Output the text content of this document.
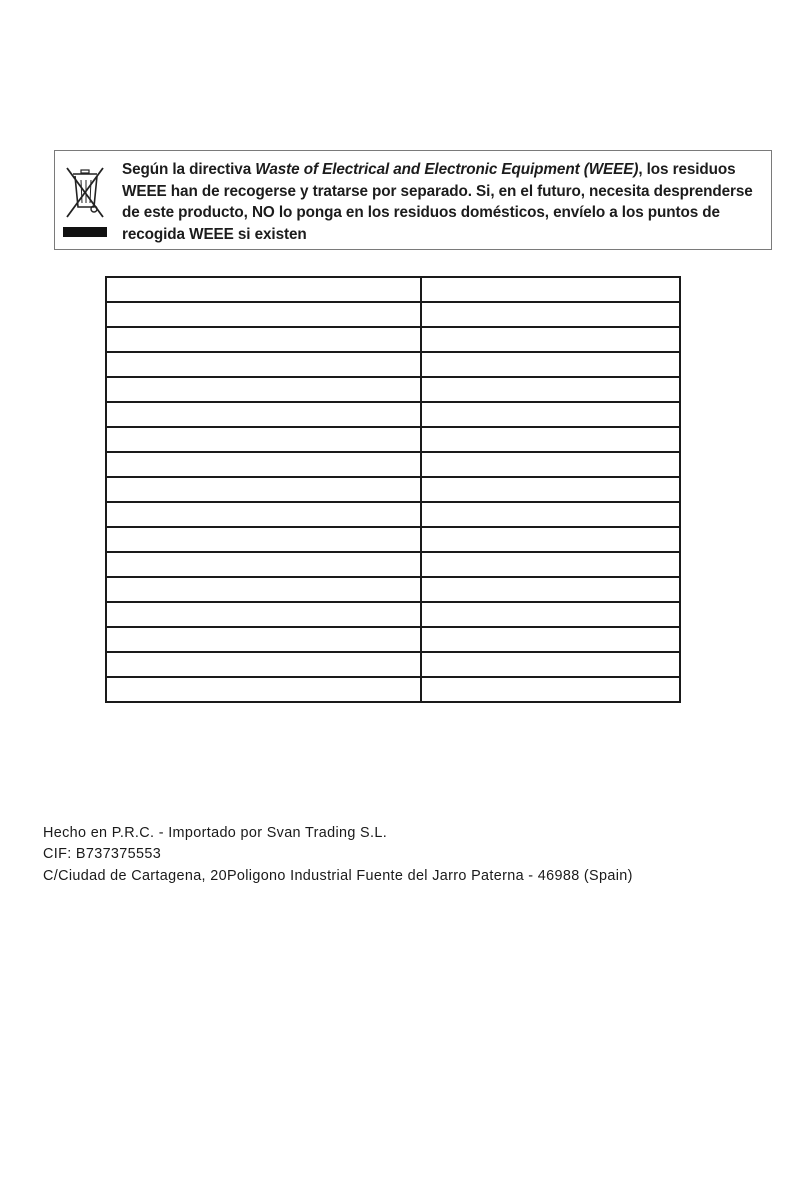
Según la directiva Waste of Electrical and Electronic Equipment (WEEE), los residuos
WEEE han de recogerse y tratarse por separado. Si, en el futuro, necesita desprenderse
de este producto, NO lo ponga en los residuos domésticos, envíelo a los puntos de
recogida WEEE si existen

Hecho en P.R.C. - Importado por Svan Trading S.L.
CIF: B737375553
C/Ciudad de Cartagena, 20Poligono Industrial Fuente del Jarro Paterna - 46988 (Spain)
